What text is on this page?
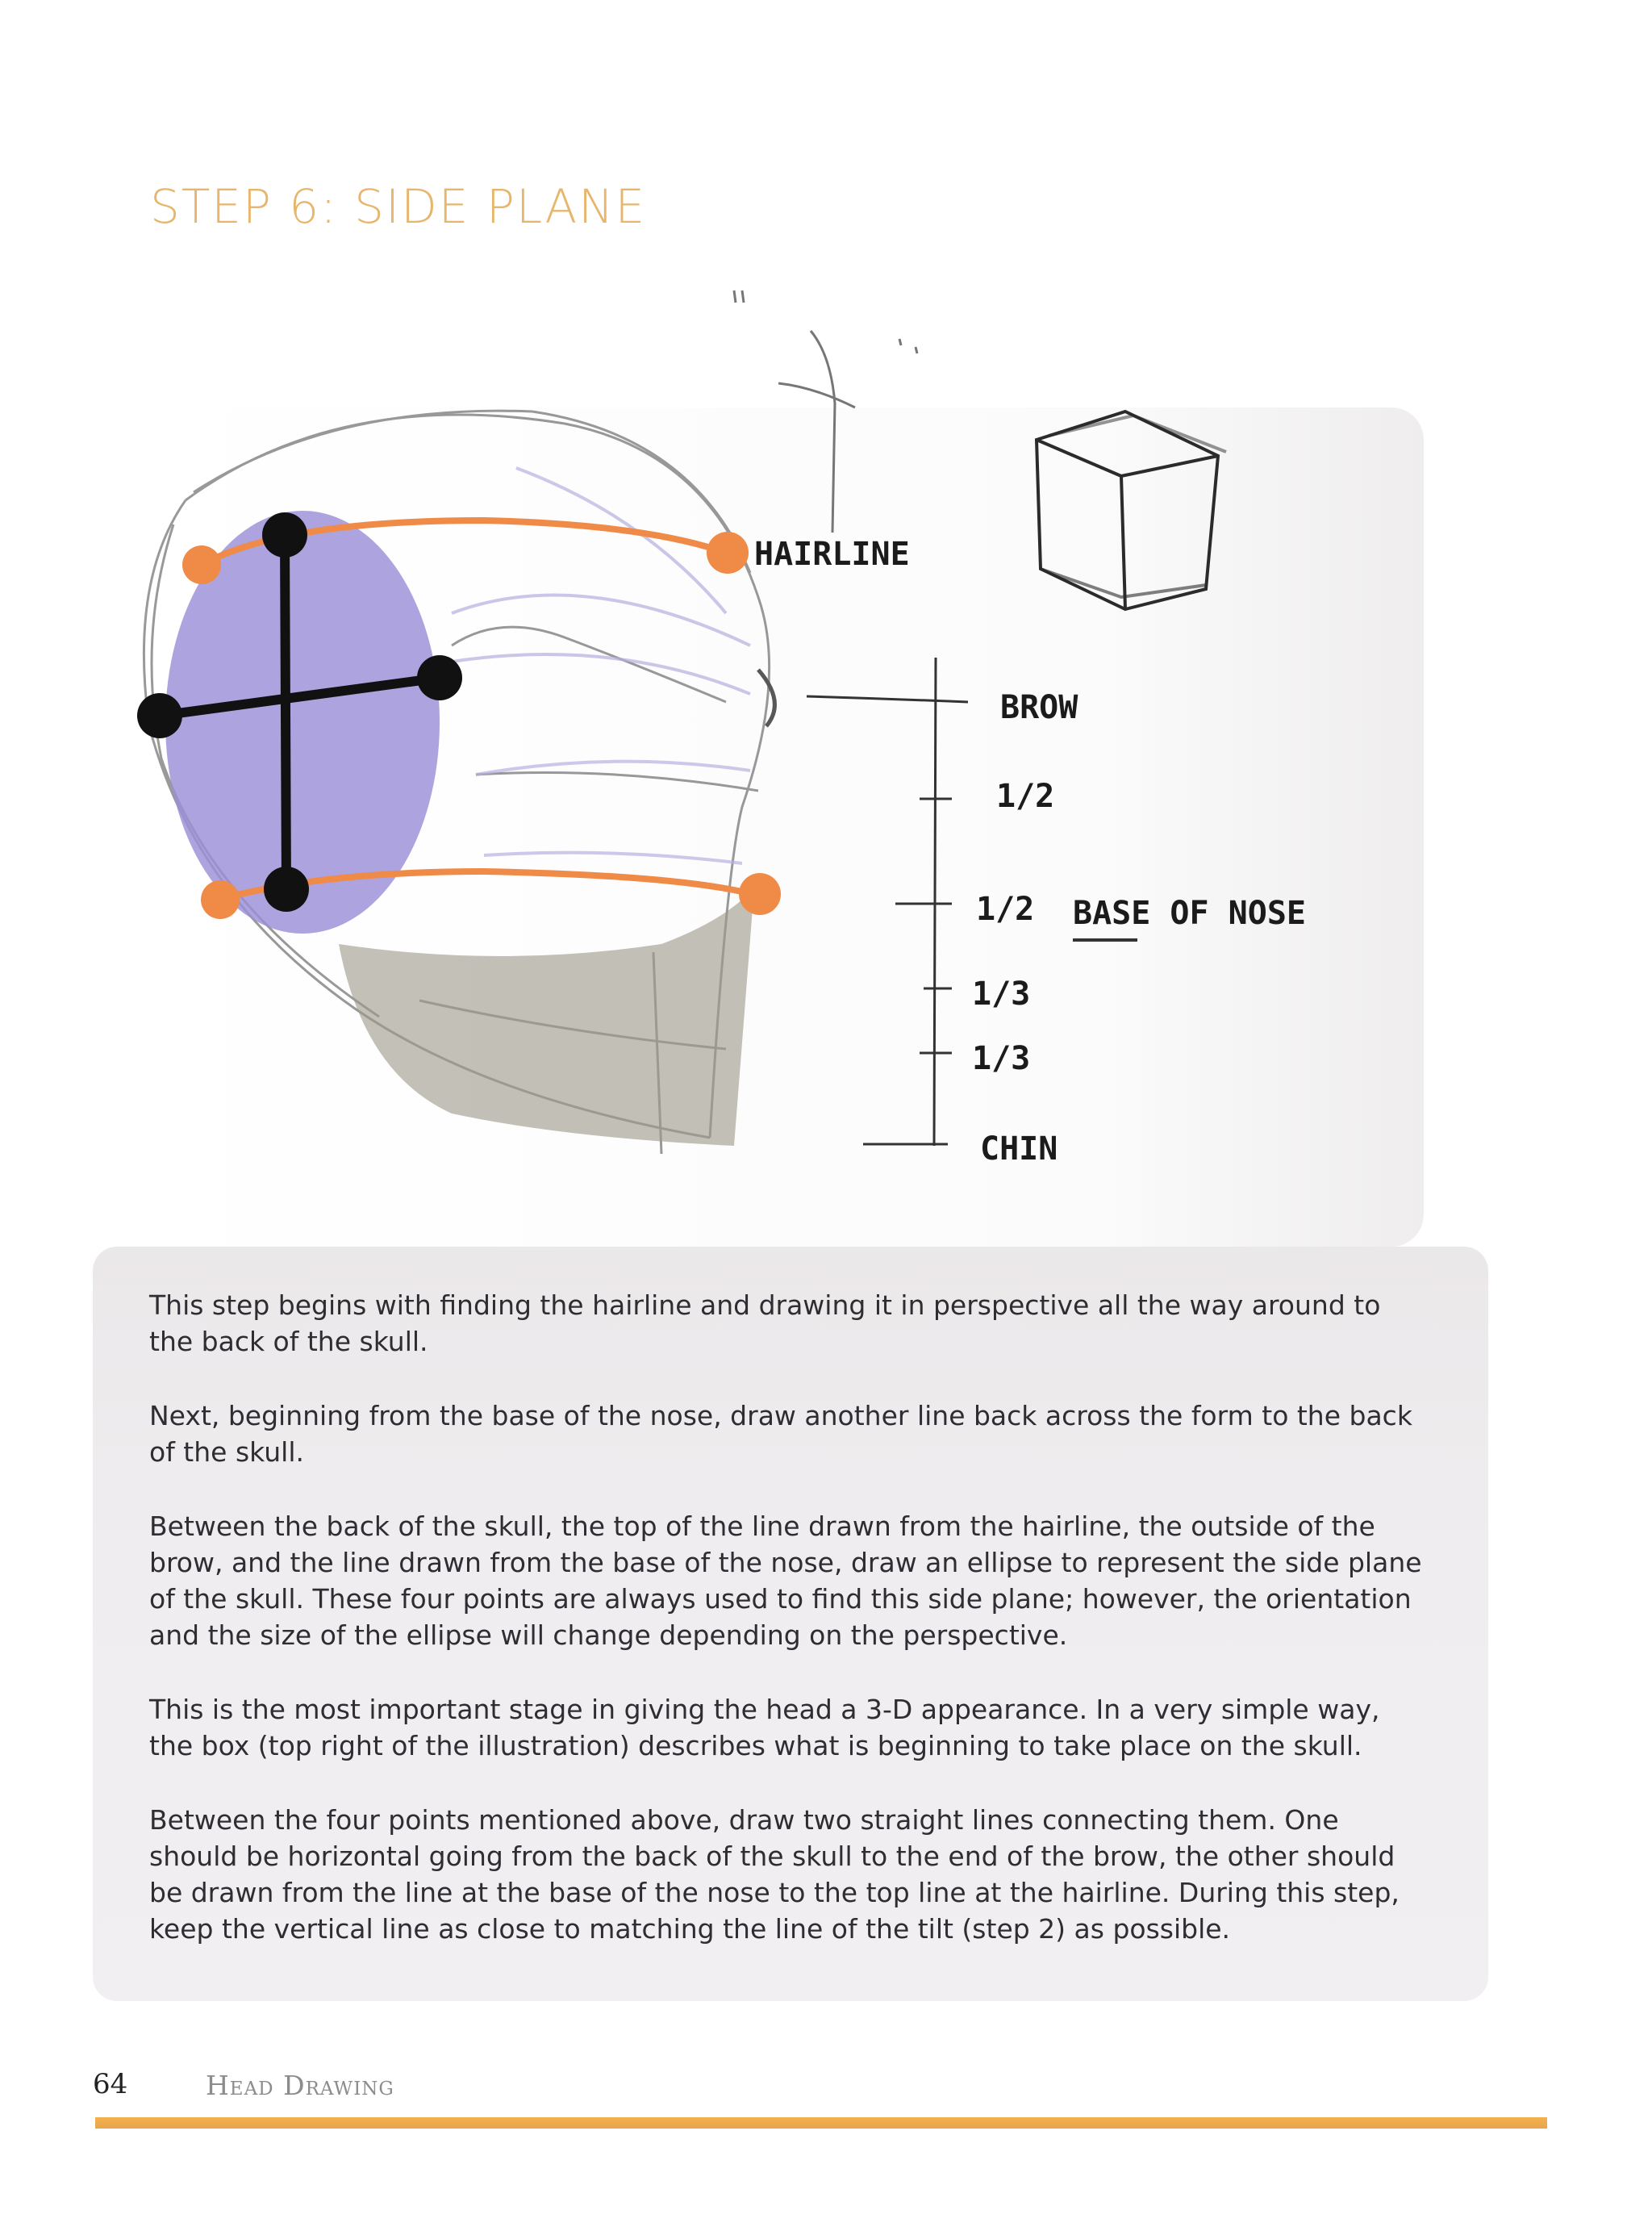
STEP 6: SIDE PLANE
HAIRLINE
BROW
1/2
1/2 BASE OF NOSE
1/3
1/3
CHIN

This step begins with finding the hairline and drawing it in perspective all the way around to the back of the skull.

Next, beginning from the base of the nose, draw another line back across the form to the back of the skull.

Between the back of the skull, the top of the line drawn from the hairline, the outside of the brow, and the line drawn from the base of the nose, draw an ellipse to represent the side plane of the skull. These four points are always used to find this side plane; however, the orientation and the size of the ellipse will change depending on the perspective.

This is the most important stage in giving the head a 3-D appearance. In a very simple way, the box (top right of the illustration) describes what is beginning to take place on the skull.

Between the four points mentioned above, draw two straight lines connecting them. One should be horizontal going from the back of the skull to the end of the brow, the other should be drawn from the line at the base of the nose to the top line at the hairline. During this step, keep the vertical line as close to matching the line of the tilt (step 2) as possible.

64	Head Drawing
